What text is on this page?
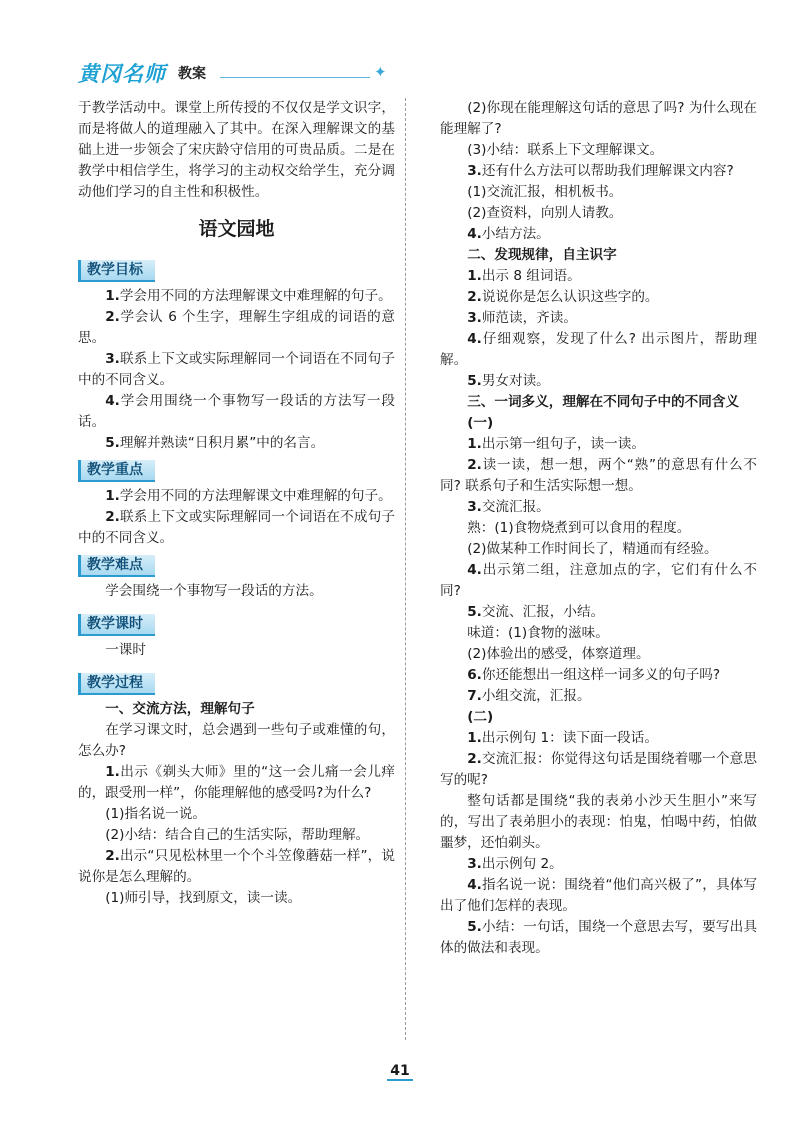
黄冈名师 教案	✦

于教学活动中。课堂上所传授的不仅仅是学文识字，而是将做人的道理融入了其中。在深入理解课文的基础上进一步领会了宋庆龄守信用的可贵品质。二是在教学中相信学生，将学习的主动权交给学生，充分调动他们学习的自主性和积极性。

语文园地
教学目标

1.学会用不同的方法理解课文中难理解的句子。

2.学会认 6 个生字，理解生字组成的词语的意思。

3.联系上下文或实际理解同一个词语在不同句子中的不同含义。

4.学会用围绕一个事物写一段话的方法写一段话。

5.理解并熟读“日积月累”中的名言。

教学重点

1.学会用不同的方法理解课文中难理解的句子。

2.联系上下文或实际理解同一个词语在不成句子中的不同含义。

教学难点

学会围绕一个事物写一段话的方法。

教学课时

一课时

教学过程

一、交流方法，理解句子

在学习课文时，总会遇到一些句子或难懂的句，怎么办?

1.出示《剃头大师》里的“这一会儿痛一会儿痒的，跟受刑一样”，你能理解他的感受吗?为什么?

(1)指名说一说。

(2)小结：结合自己的生活实际，帮助理解。

2.出示“只见松林里一个个斗笠像蘑菇一样”，说说你是怎么理解的。

(1)师引导，找到原文，读一读。

(2)你现在能理解这句话的意思了吗? 为什么现在能理解了?

(3)小结：联系上下文理解课文。

3.还有什么方法可以帮助我们理解课文内容?

(1)交流汇报，相机板书。

(2)查资料，向别人请教。

4.小结方法。

二、发现规律，自主识字

1.出示 8 组词语。

2.说说你是怎么认识这些字的。

3.师范读，齐读。

4.仔细观察，发现了什么? 出示图片，帮助理解。

5.男女对读。

三、一词多义，理解在不同句子中的不同含义

(一)

1.出示第一组句子，读一读。

2.读一读，想一想，两个“熟”的意思有什么不同? 联系句子和生活实际想一想。

3.交流汇报。

熟：(1)食物烧煮到可以食用的程度。

(2)做某种工作时间长了，精通而有经验。

4.出示第二组，注意加点的字，它们有什么不同?

5.交流、汇报，小结。

味道：(1)食物的滋味。

(2)体验出的感受，体察道理。

6.你还能想出一组这样一词多义的句子吗?

7.小组交流，汇报。

(二)

1.出示例句 1：读下面一段话。

2.交流汇报：你觉得这句话是围绕着哪一个意思写的呢?

整句话都是围绕“我的表弟小沙天生胆小”来写的，写出了表弟胆小的表现：怕鬼，怕喝中药，怕做噩梦，还怕剃头。

3.出示例句 2。

4.指名说一说：围绕着“他们高兴极了”，具体写出了他们怎样的表现。

5.小结：一句话，围绕一个意思去写，要写出具体的做法和表现。

41
